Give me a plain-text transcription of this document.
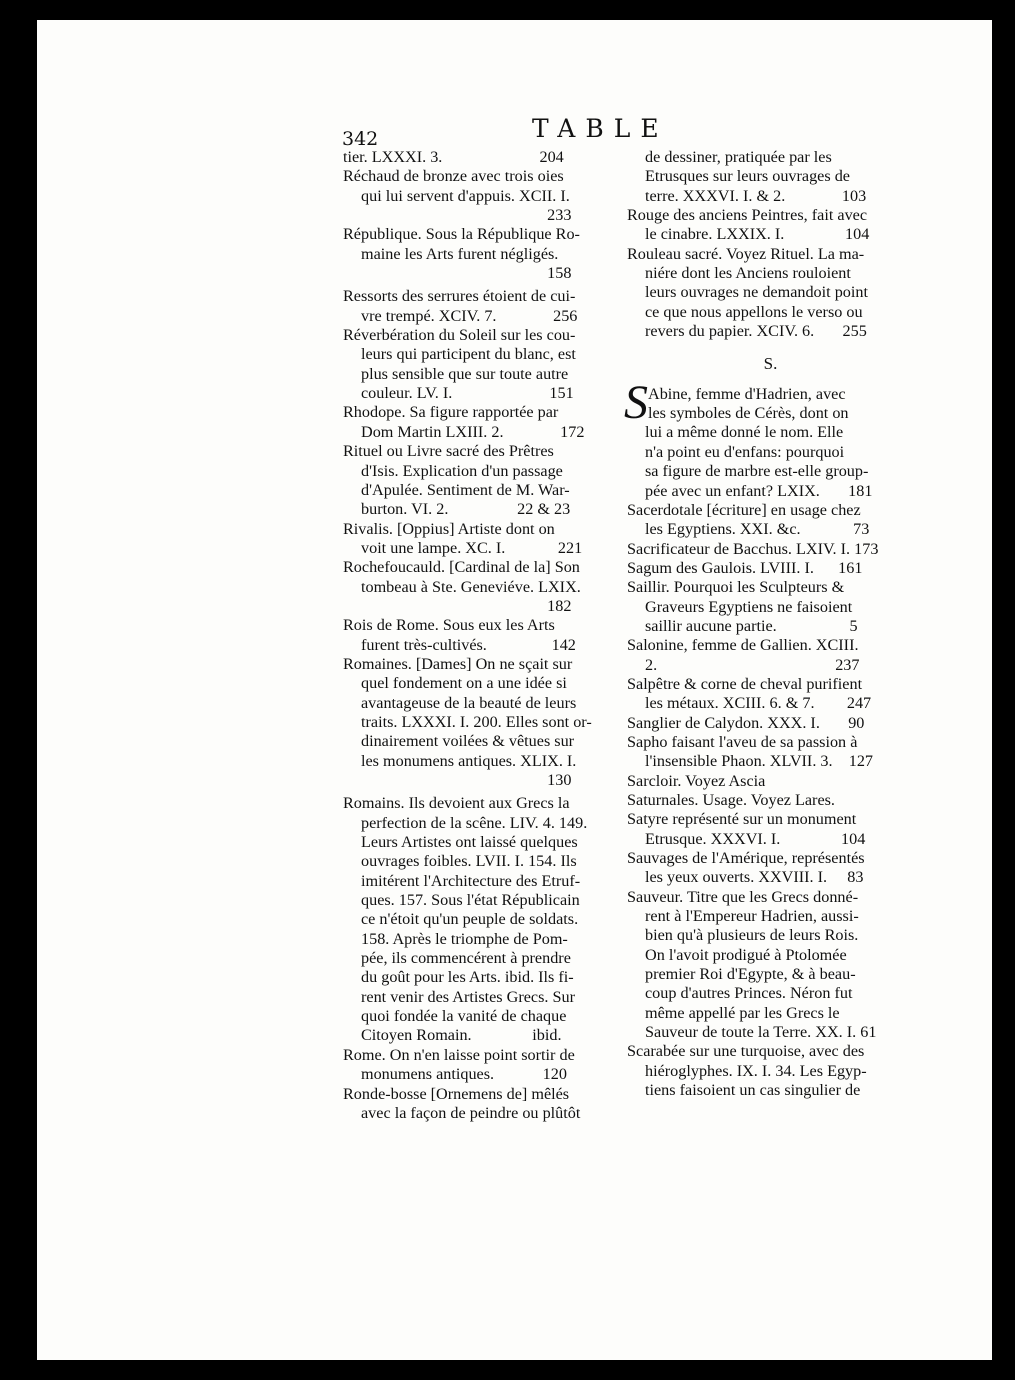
342	TABLE
tier. LXXXI. 3.                        204
Réchaud de bronze avec trois oies
qui lui servent d'appuis. XCII. I.
233
République. Sous la République Ro-
maine les Arts furent négligés.
158
Ressorts des serrures étoient de cui-
vre trempé. XCIV. 7.              256
Réverbération du Soleil sur les cou-
leurs qui participent du blanc, est
plus sensible que sur toute autre
couleur. LV. I.                        151
Rhodope. Sa figure rapportée par
Dom Martin LXIII. 2.              172
Rituel ou Livre sacré des Prêtres
d'Isis. Explication d'un passage
d'Apulée. Sentiment de M. War-
burton. VI. 2.                 22 & 23
Rivalis. [Oppius] Artiste dont on
voit une lampe. XC. I.             221
Rochefoucauld. [Cardinal de la] Son
tombeau à Ste. Geneviéve. LXIX.
182
Rois de Rome. Sous eux les Arts
furent très-cultivés.                142
Romaines. [Dames] On ne sçait sur
quel fondement on a une idée si
avantageuse de la beauté de leurs
traits. LXXXI. I. 200. Elles sont or-
dinairement voilées & vêtues sur
les monumens antiques. XLIX. I.
130
Romains. Ils devoient aux Grecs la
perfection de la scêne. LIV. 4. 149.
Leurs Artistes ont laissé quelques
ouvrages foibles. LVII. I. 154. Ils
imitérent l'Architecture des Etruf-
ques. 157. Sous l'état Républicain
ce n'étoit qu'un peuple de soldats.
158. Après le triomphe de Pom-
pée, ils commencérent à prendre
du goût pour les Arts. ibid. Ils fi-
rent venir des Artistes Grecs. Sur
quoi fondée la vanité de chaque
Citoyen Romain.               ibid.
Rome. On n'en laisse point sortir de
monumens antiques.            120
Ronde-bosse [Ornemens de] mêlés
avec la façon de peindre ou plûtôt
de dessiner, pratiquée par les
Etrusques sur leurs ouvrages de
terre. XXXVI. I. & 2.              103
Rouge des anciens Peintres, fait avec
le cinabre. LXXIX. I.               104
Rouleau sacré. Voyez Rituel. La ma-
niére dont les Anciens rouloient
leurs ouvrages ne demandoit point
ce que nous appellons le verso ou
revers du papier. XCIV. 6.       255
S.
S Abine, femme d'Hadrien, avec
les symboles de Cérès, dont on
lui a même donné le nom. Elle
n'a point eu d'enfans: pourquoi
sa figure de marbre est-elle group-
pée avec un enfant? LXIX.       181
Sacerdotale [écriture] en usage chez
les Egyptiens. XXI. &c.             73
Sacrificateur de Bacchus. LXIV. I. 173
Sagum des Gaulois. LVIII. I.      161
Saillir. Pourquoi les Sculpteurs &
Graveurs Egyptiens ne faisoient
saillir aucune partie.                  5
Salonine, femme de Gallien. XCIII.
2.                                            237
Salpêtre & corne de cheval purifient
les métaux. XCIII. 6. & 7.        247
Sanglier de Calydon. XXX. I.       90
Sapho faisant l'aveu de sa passion à
l'insensible Phaon. XLVII. 3.    127
Sarcloir. Voyez Ascia
Saturnales. Usage. Voyez Lares.
Satyre représenté sur un monument
Etrusque. XXXVI. I.               104
Sauvages de l'Amérique, représentés
les yeux ouverts. XXVIII. I.     83
Sauveur. Titre que les Grecs donné-
rent à l'Empereur Hadrien, aussi-
bien qu'à plusieurs de leurs Rois.
On l'avoit prodigué à Ptolomée
premier Roi d'Egypte, & à beau-
coup d'autres Princes. Néron fut
même appellé par les Grecs le
Sauveur de toute la Terre. XX. I. 61
Scarabée sur une turquoise, avec des
hiéroglyphes. IX. I. 34. Les Egyp-
tiens faisoient un cas singulier de
